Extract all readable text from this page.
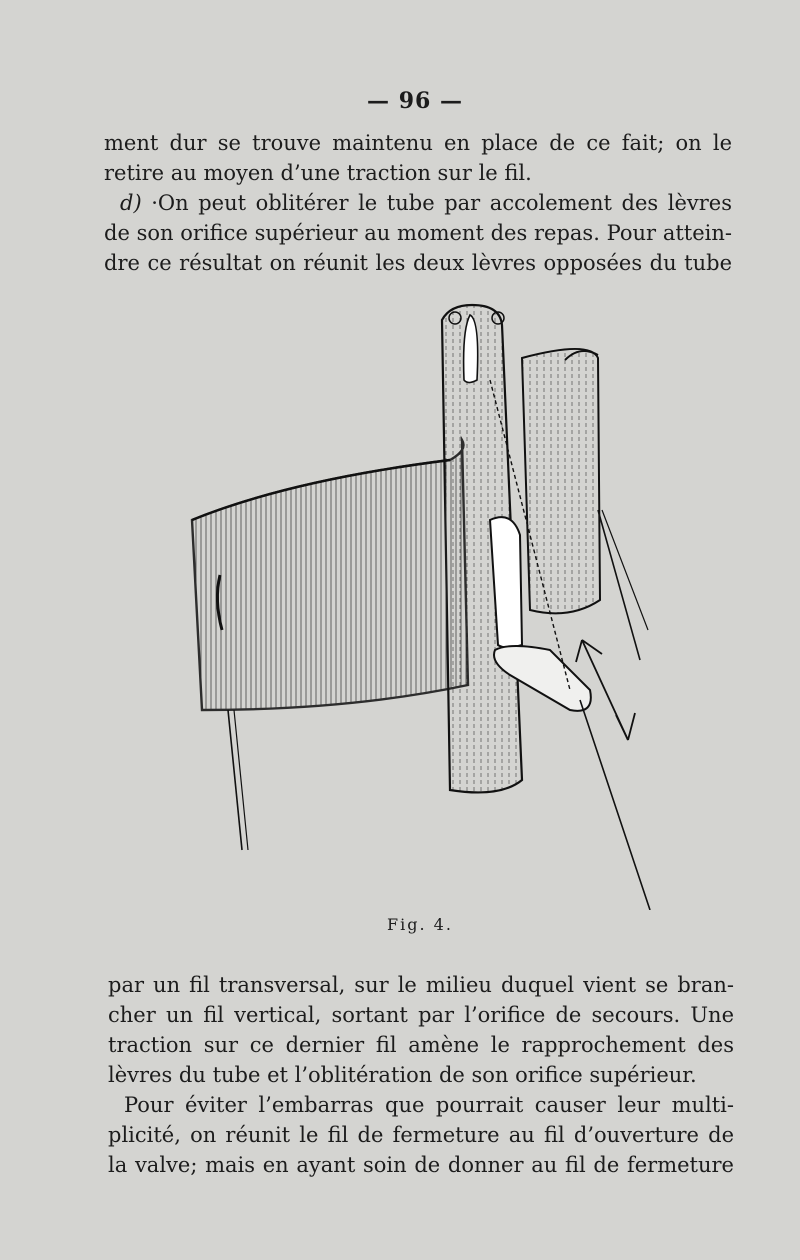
— 96 —
ment dur se trouve maintenu en place de ce fait; on le
retire au moyen d’une traction sur le fil.
d) ·On peut oblitérer le tube par accolement des lèvres
de son orifice supérieur au moment des repas. Pour attein-
dre ce résultat on réunit les deux lèvres opposées du tube
Fig. 4.
par un fil transversal, sur le milieu duquel vient se bran-
cher un fil vertical, sortant par l’orifice de secours. Une
traction sur ce dernier fil amène le rapprochement des
lèvres du tube et l’oblitération de son orifice supérieur.
Pour éviter l’embarras que pourrait causer leur multi-
plicité, on réunit le fil de fermeture au fil d’ouverture de
la valve; mais en ayant soin de donner au fil de fermeture
